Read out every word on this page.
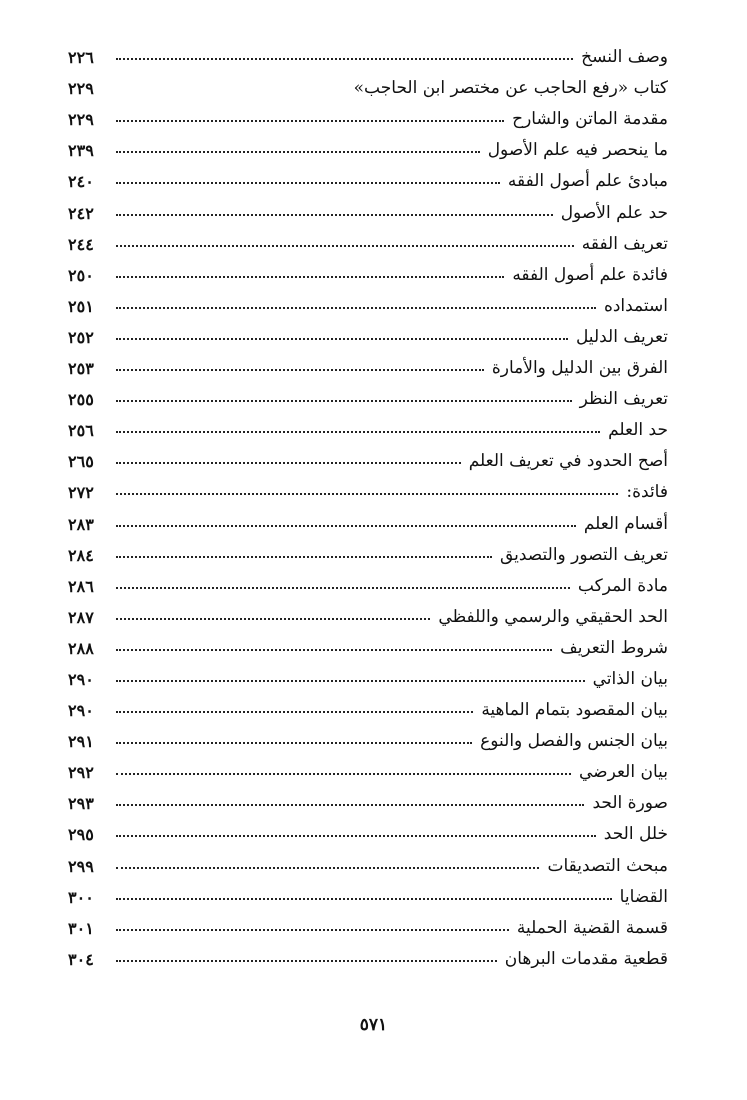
وصف النسخ
٢٢٦
كتاب «رفع الحاجب عن مختصر ابن الحاجب»
٢٢٩
مقدمة الماتن والشارح
٢٢٩
ما ينحصر فيه علم الأصول
٢٣٩
مبادئ علم أصول الفقه
٢٤٠
حد علم الأصول
٢٤٢
تعريف الفقه
٢٤٤
فائدة علم أصول الفقه
٢٥٠
استمداده
٢٥١
تعريف الدليل
٢٥٢
الفرق بين الدليل والأمارة
٢٥٣
تعريف النظر
٢٥٥
حد العلم
٢٥٦
أصح الحدود في تعريف العلم
٢٦٥
فائدة:
٢٧٢
أقسام العلم
٢٨٣
تعريف التصور والتصديق
٢٨٤
مادة المركب
٢٨٦
الحد الحقيقي والرسمي واللفظي
٢٨٧
شروط التعريف
٢٨٨
بيان الذاتي
٢٩٠
بيان المقصود بتمام الماهية
٢٩٠
بيان الجنس والفصل والنوع
٢٩١
بيان العرضي
٢٩٢
صورة الحد
٢٩٣
خلل الحد
٢٩٥
مبحث التصديقات
٢٩٩
القضايا
٣٠٠
قسمة القضية الحملية
٣٠١
قطعية مقدمات البرهان
٣٠٤
٥٧١
